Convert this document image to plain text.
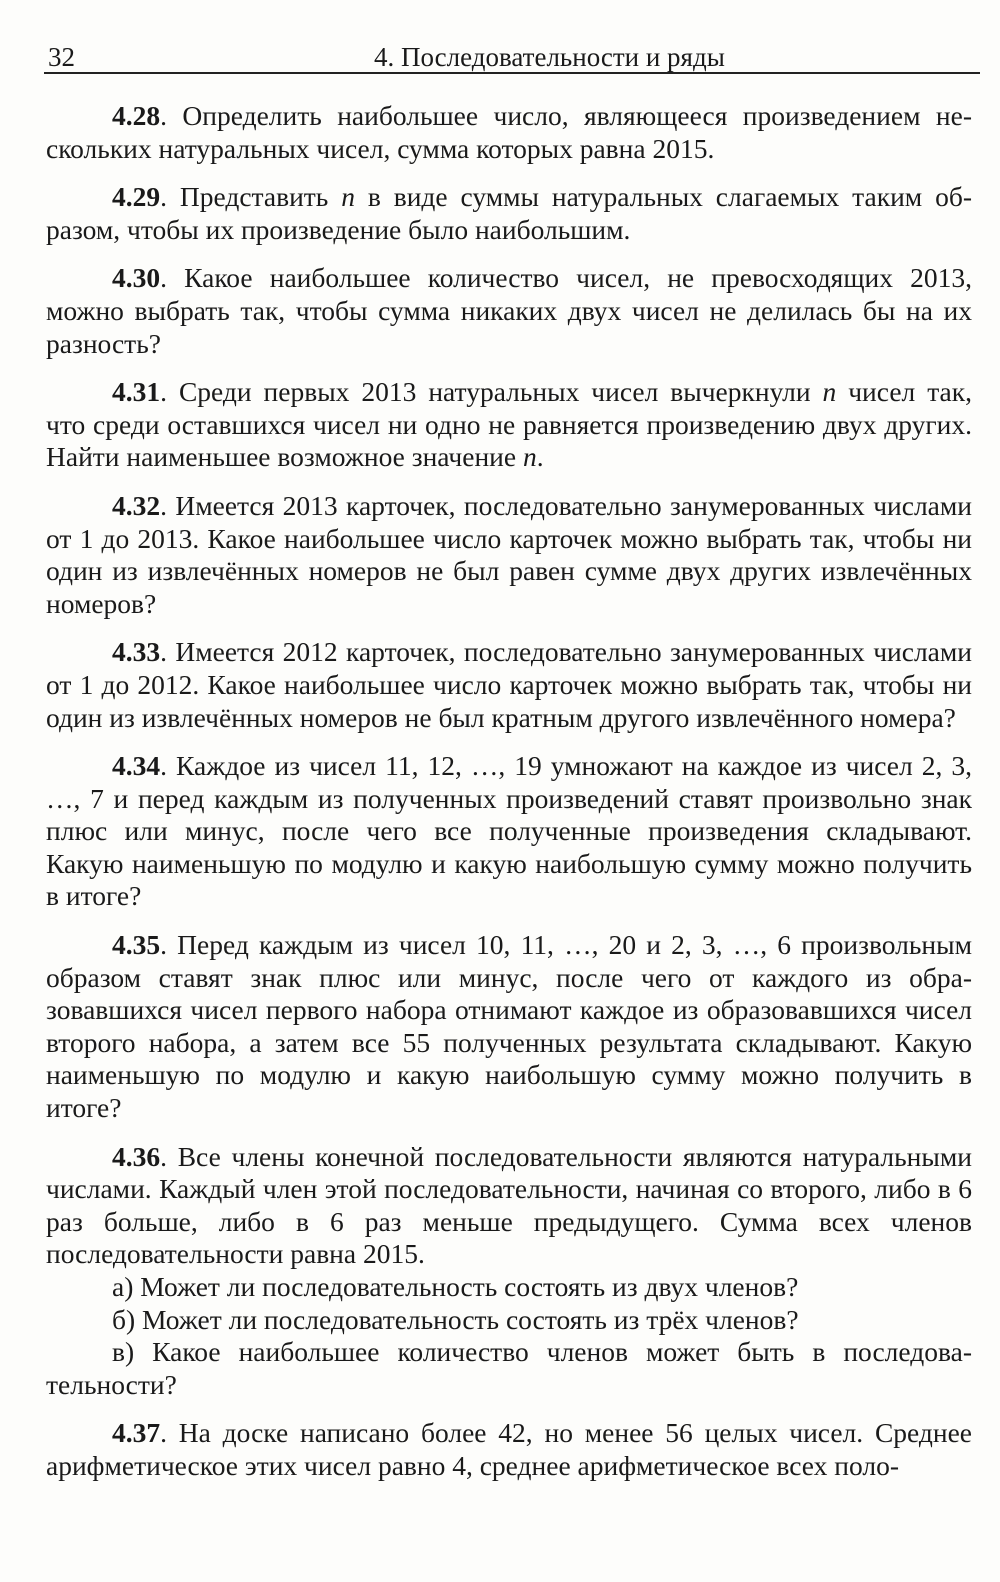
32	4. Последовательности и ряды

4.28. Определить наибольшее число, являющееся произведением нескольких натуральных чисел, сумма которых равна 2015.

4.29. Представить n в виде суммы натуральных слагаемых таким образом, чтобы их произведение было наибольшим.

4.30. Какое наибольшее количество чисел, не превосходящих 2013, можно выбрать так, чтобы сумма никаких двух чисел не делилась бы на их разность?

4.31. Среди первых 2013 натуральных чисел вычеркнули n чисел так, что среди оставшихся чисел ни одно не равняется произведению двух других. Найти наименьшее возможное значение n.

4.32. Имеется 2013 карточек, последовательно занумерованных числами от 1 до 2013. Какое наибольшее число карточек можно выбрать так, чтобы ни один из извлечённых номеров не был равен сумме двух других извлечённых номеров?

4.33. Имеется 2012 карточек, последовательно занумерованных числами от 1 до 2012. Какое наибольшее число карточек можно выбрать так, чтобы ни один из извлечённых номеров не был кратным другого извлечённого номера?

4.34. Каждое из чисел 11, 12, …, 19 умножают на каждое из чисел 2, 3, …, 7 и перед каждым из полученных произведений ставят произвольно знак плюс или минус, после чего все полученные произведения складывают. Какую наименьшую по модулю и какую наибольшую сумму можно получить в итоге?

4.35. Перед каждым из чисел 10, 11, …, 20 и 2, 3, …, 6 произвольным образом ставят знак плюс или минус, после чего от каждого из образовавшихся чисел первого набора отнимают каждое из образовавшихся чисел второго набора, а затем все 55 полученных результата складывают. Какую наименьшую по модулю и какую наибольшую сумму можно получить в итоге?

4.36. Все члены конечной последовательности являются натуральными числами. Каждый член этой последовательности, начиная со второго, либо в 6 раз больше, либо в 6 раз меньше предыдущего. Сумма всех членов последовательности равна 2015.

а) Может ли последовательность состоять из двух членов?

б) Может ли последовательность состоять из трёх членов?

в) Какое наибольшее количество членов может быть в последовательности?

4.37. На доске написано более 42, но менее 56 целых чисел. Среднее арифметическое этих чисел равно 4, среднее арифметическое всех поло-
